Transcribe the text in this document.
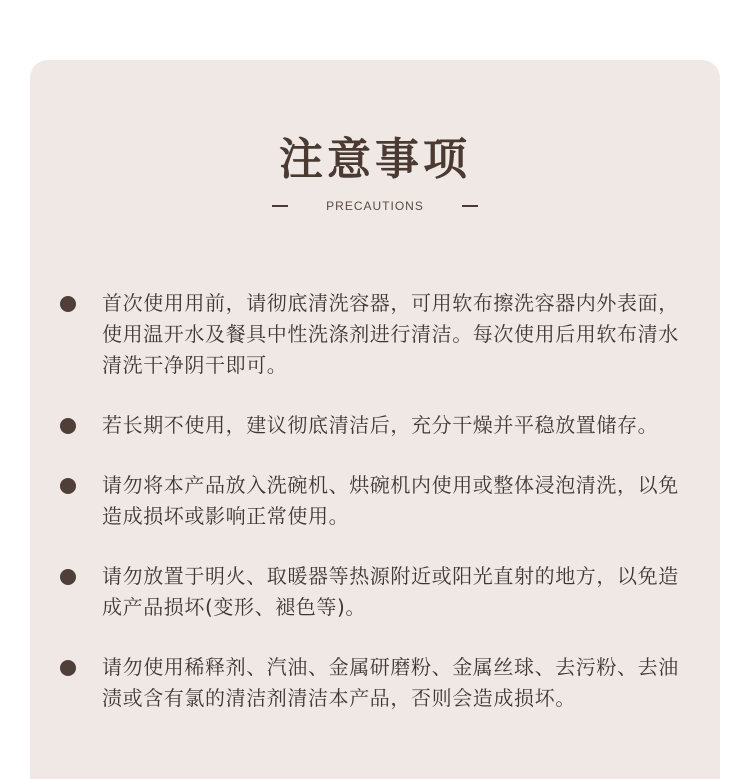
注意事项
PRECAUTIONS
首次使用用前，请彻底清洗容器，可用软布擦洗容器内外表面，使用温开水及餐具中性洗涤剂进行清洁。每次使用后用软布清水清洗干净阴干即可。
若长期不使用，建议彻底清洁后，充分干燥并平稳放置储存。
请勿将本产品放入洗碗机、烘碗机内使用或整体浸泡清洗，以免造成损坏或影响正常使用。
请勿放置于明火、取暖器等热源附近或阳光直射的地方，以免造成产品损坏(变形、褪色等)。
请勿使用稀释剂、汽油、金属研磨粉、金属丝球、去污粉、去油渍或含有氯的清洁剂清洁本产品，否则会造成损坏。
